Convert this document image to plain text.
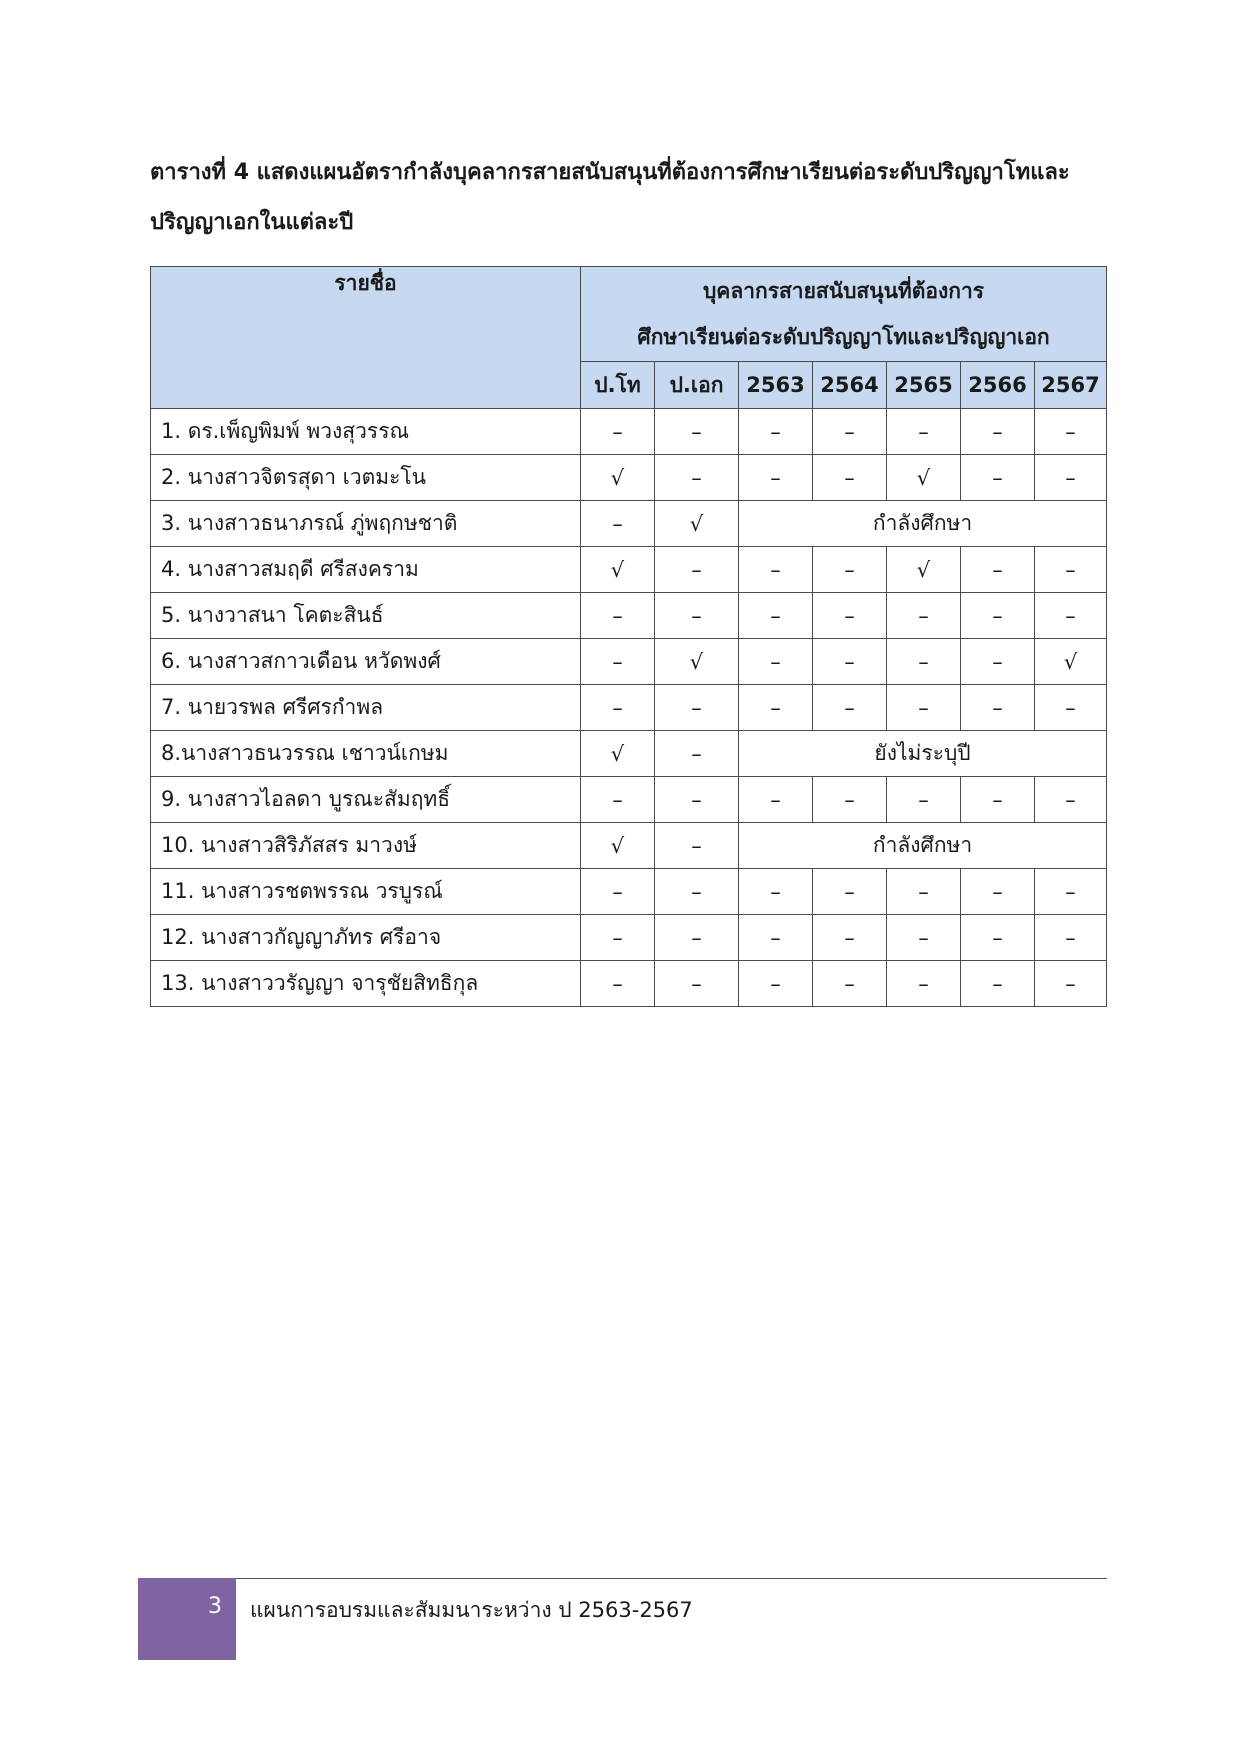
ตารางที่ 4 แสดงแผนอัตรากำลังบุคลากรสายสนับสนุนที่ต้องการศึกษาเรียนต่อระดับปริญญาโทและปริญญาเอกในแต่ละปี

รายชื่อ	บุคลากรสายสนับสนุนที่ต้องการ
ศึกษาเรียนต่อระดับปริญญาโทและปริญญาเอก						

	ป.โท	ป.เอก	2563	2564	2565	2566	2567
1. ดร.เพ็ญพิมพ์ พวงสุวรรณ	–	–	–	–	–	–	–
2. นางสาวจิตรสุดา เวตมะโน	√	–	–	–	√	–	–
3. นางสาวธนาภรณ์ ภู่พฤกษชาติ	–	√	กำลังศึกษา				
4. นางสาวสมฤดี ศรีสงคราม	√	–	–	–	√	–	–
5. นางวาสนา โคตะสินธ์	–	–	–	–	–	–	–
6. นางสาวสกาวเดือน หวัดพงศ์	–	√	–	–	–	–	√
7. นายวรพล ศรีศรกำพล	–	–	–	–	–	–	–
8.นางสาวธนวรรณ เชาวน์เกษม	√	–	ยังไม่ระบุปี				
9. นางสาวไอลดา บูรณะสัมฤทธิ์	–	–	–	–	–	–	–
10. นางสาวสิริภัสสร มาวงษ์	√	–	กำลังศึกษา				
11. นางสาวรชตพรรณ วรบูรณ์	–	–	–	–	–	–	–
12. นางสาวกัญญาภัทร ศรีอาจ	–	–	–	–	–	–	–
13. นางสาววรัญญา จารุชัยสิทธิกุล	–	–	–	–	–	–	–
3	แผนการอบรมและสัมมนาระหว่าง ป 2563-2567
